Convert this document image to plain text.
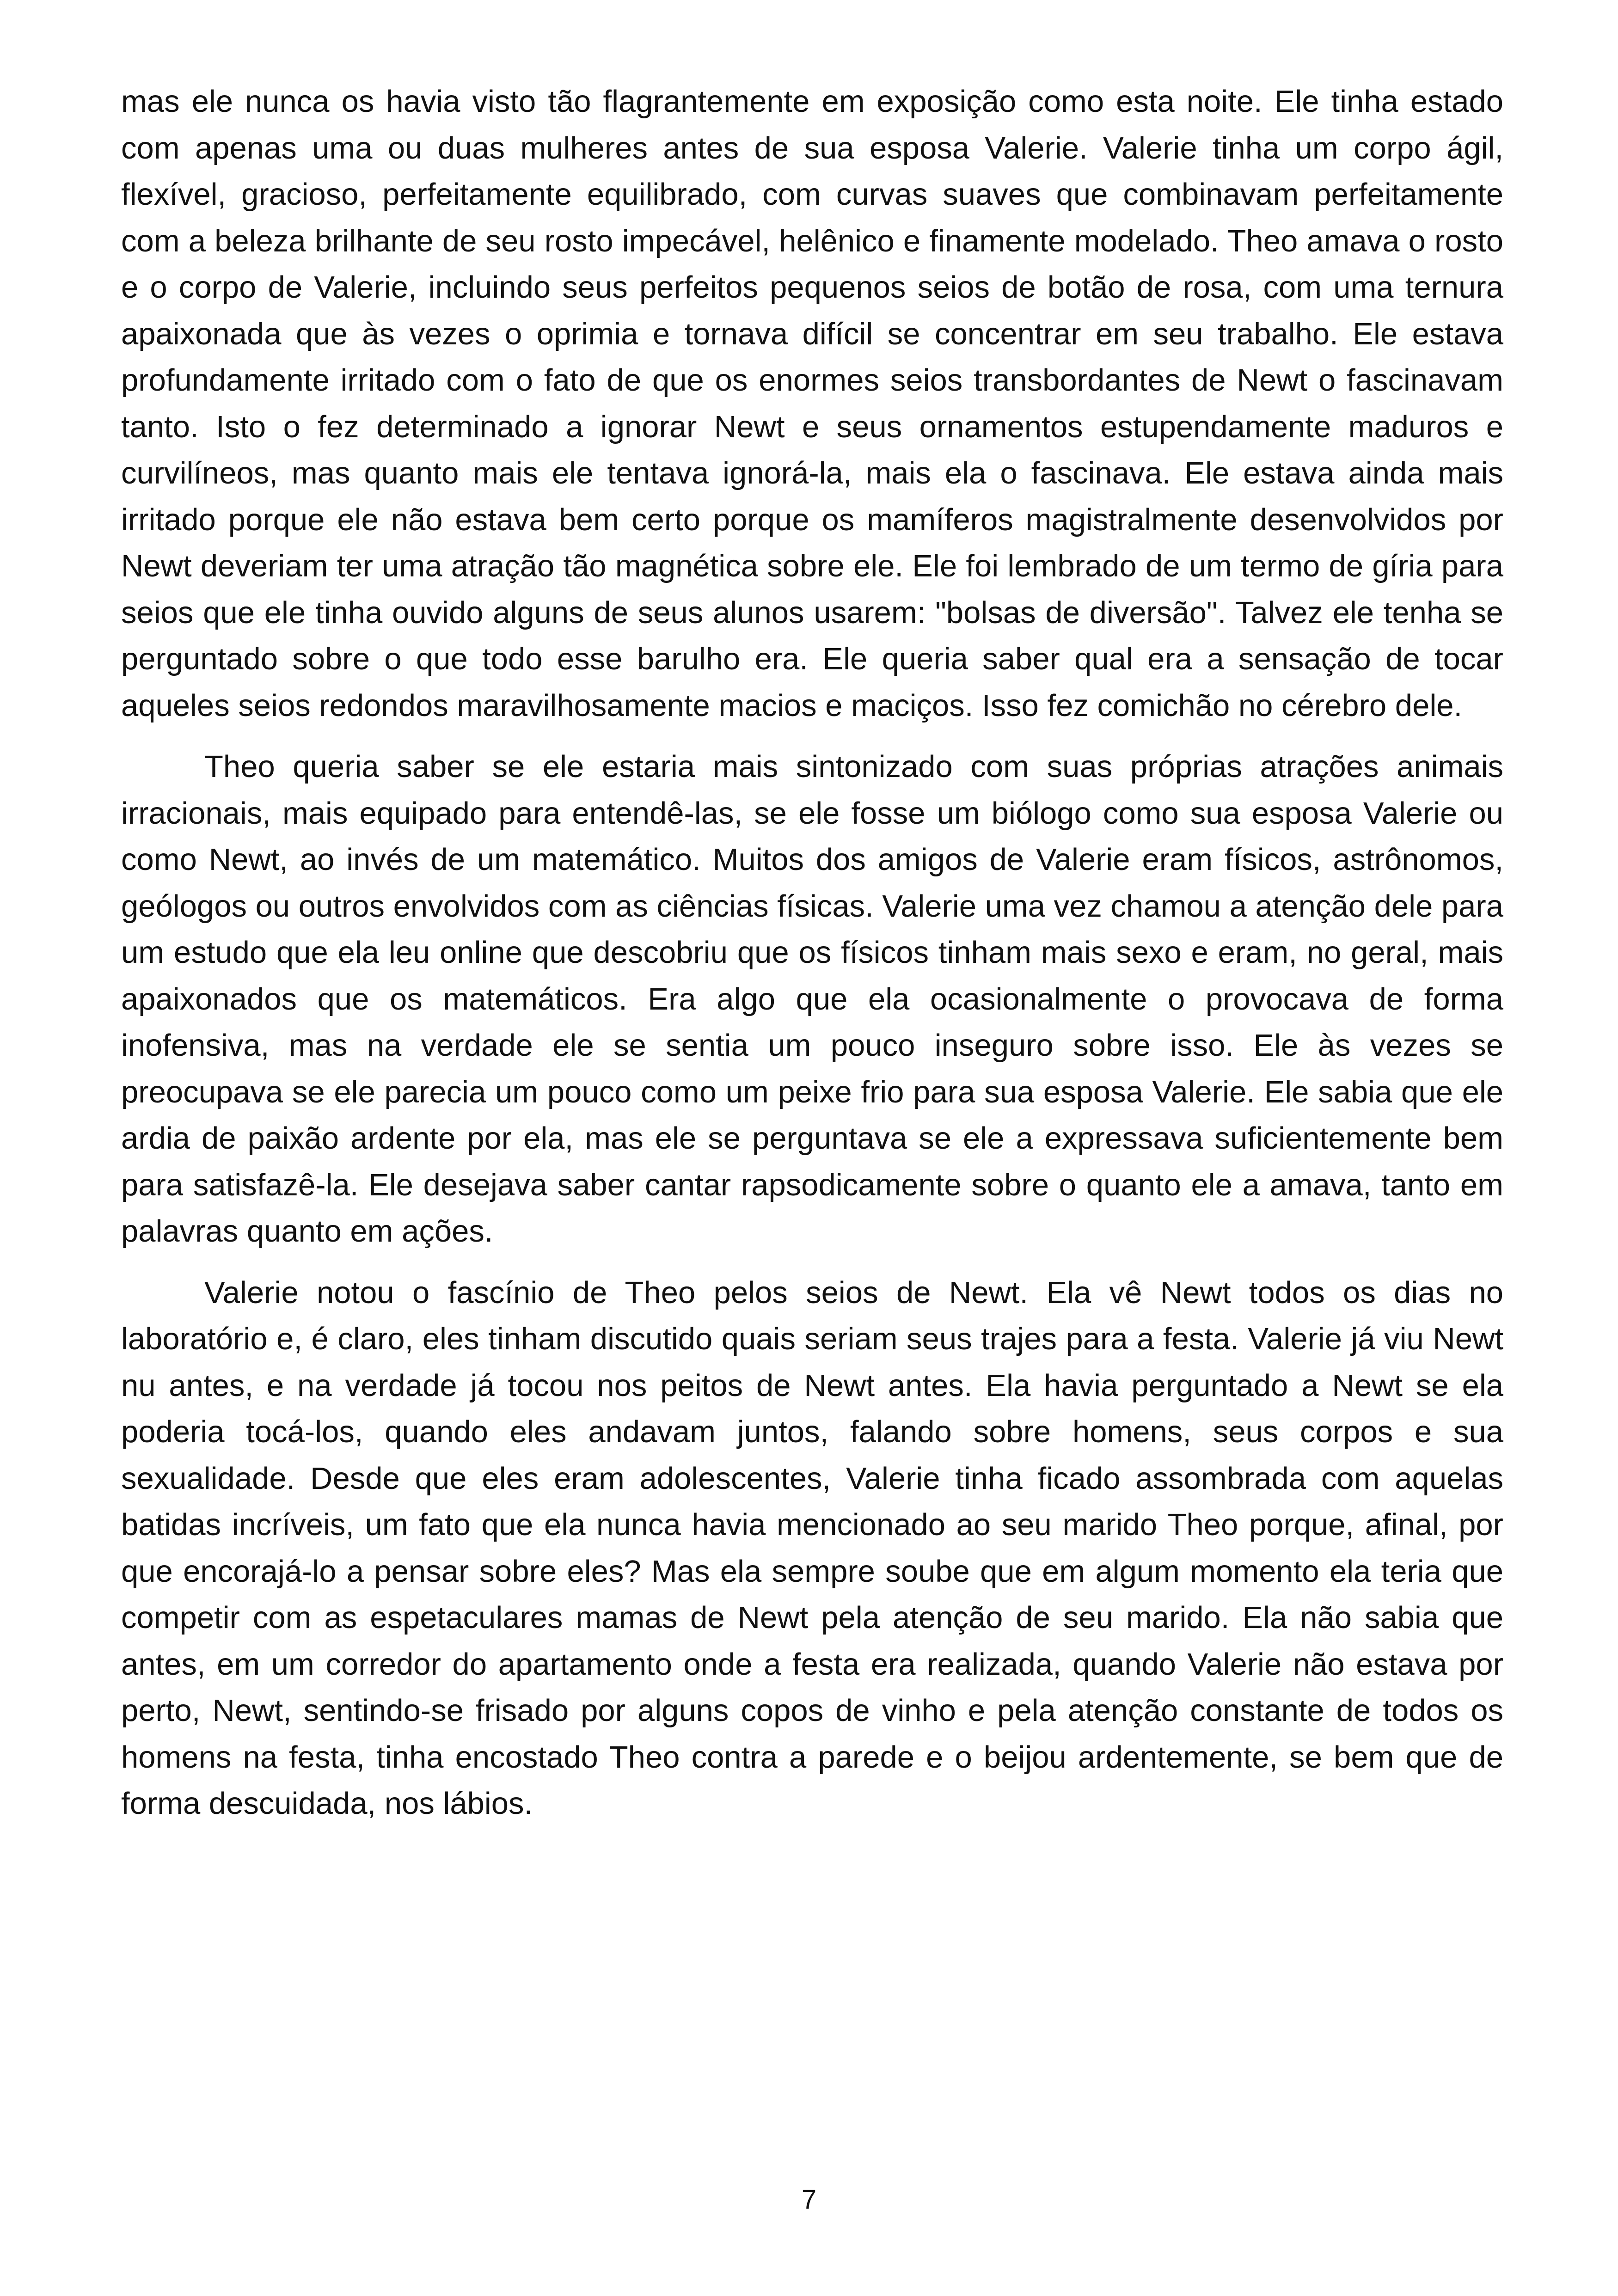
mas ele nunca os havia visto tão flagrantemente em exposição como esta noite. Ele tinha estado com apenas uma ou duas mulheres antes de sua esposa Valerie. Valerie tinha um corpo ágil, flexível, gracioso, perfeitamente equilibrado, com curvas suaves que combinavam perfeitamente com a beleza brilhante de seu rosto impecável, helênico e finamente modelado. Theo amava o rosto e o corpo de Valerie, incluindo seus perfeitos pequenos seios de botão de rosa, com uma ternura apaixonada que às vezes o oprimia e tornava difícil se concentrar em seu trabalho. Ele estava profundamente irritado com o fato de que os enormes seios transbordantes de Newt o fascinavam tanto. Isto o fez determinado a ignorar Newt e seus ornamentos estupendamente maduros e curvilíneos, mas quanto mais ele tentava ignorá-la, mais ela o fascinava. Ele estava ainda mais irritado porque ele não estava bem certo porque os mamíferos magistralmente desenvolvidos por Newt deveriam ter uma atração tão magnética sobre ele. Ele foi lembrado de um termo de gíria para seios que ele tinha ouvido alguns de seus alunos usarem: "bolsas de diversão". Talvez ele tenha se perguntado sobre o que todo esse barulho era. Ele queria saber qual era a sensação de tocar aqueles seios redondos maravilhosamente macios e maciços. Isso fez comichão no cérebro dele.

Theo queria saber se ele estaria mais sintonizado com suas próprias atrações animais irracionais, mais equipado para entendê-las, se ele fosse um biólogo como sua esposa Valerie ou como Newt, ao invés de um matemático. Muitos dos amigos de Valerie eram físicos, astrônomos, geólogos ou outros envolvidos com as ciências físicas. Valerie uma vez chamou a atenção dele para um estudo que ela leu online que descobriu que os físicos tinham mais sexo e eram, no geral, mais apaixonados que os matemáticos. Era algo que ela ocasionalmente o provocava de forma inofensiva, mas na verdade ele se sentia um pouco inseguro sobre isso. Ele às vezes se preocupava se ele parecia um pouco como um peixe frio para sua esposa Valerie. Ele sabia que ele ardia de paixão ardente por ela, mas ele se perguntava se ele a expressava suficientemente bem para satisfazê-la. Ele desejava saber cantar rapsodicamente sobre o quanto ele a amava, tanto em palavras quanto em ações.

Valerie notou o fascínio de Theo pelos seios de Newt. Ela vê Newt todos os dias no laboratório e, é claro, eles tinham discutido quais seriam seus trajes para a festa. Valerie já viu Newt nu antes, e na verdade já tocou nos peitos de Newt antes. Ela havia perguntado a Newt se ela poderia tocá-los, quando eles andavam juntos, falando sobre homens, seus corpos e sua sexualidade. Desde que eles eram adolescentes, Valerie tinha ficado assombrada com aquelas batidas incríveis, um fato que ela nunca havia mencionado ao seu marido Theo porque, afinal, por que encorajá-lo a pensar sobre eles? Mas ela sempre soube que em algum momento ela teria que competir com as espetaculares mamas de Newt pela atenção de seu marido. Ela não sabia que antes, em um corredor do apartamento onde a festa era realizada, quando Valerie não estava por perto, Newt, sentindo-se frisado por alguns copos de vinho e pela atenção constante de todos os homens na festa, tinha encostado Theo contra a parede e o beijou ardentemente, se bem que de forma descuidada, nos lábios.

7
